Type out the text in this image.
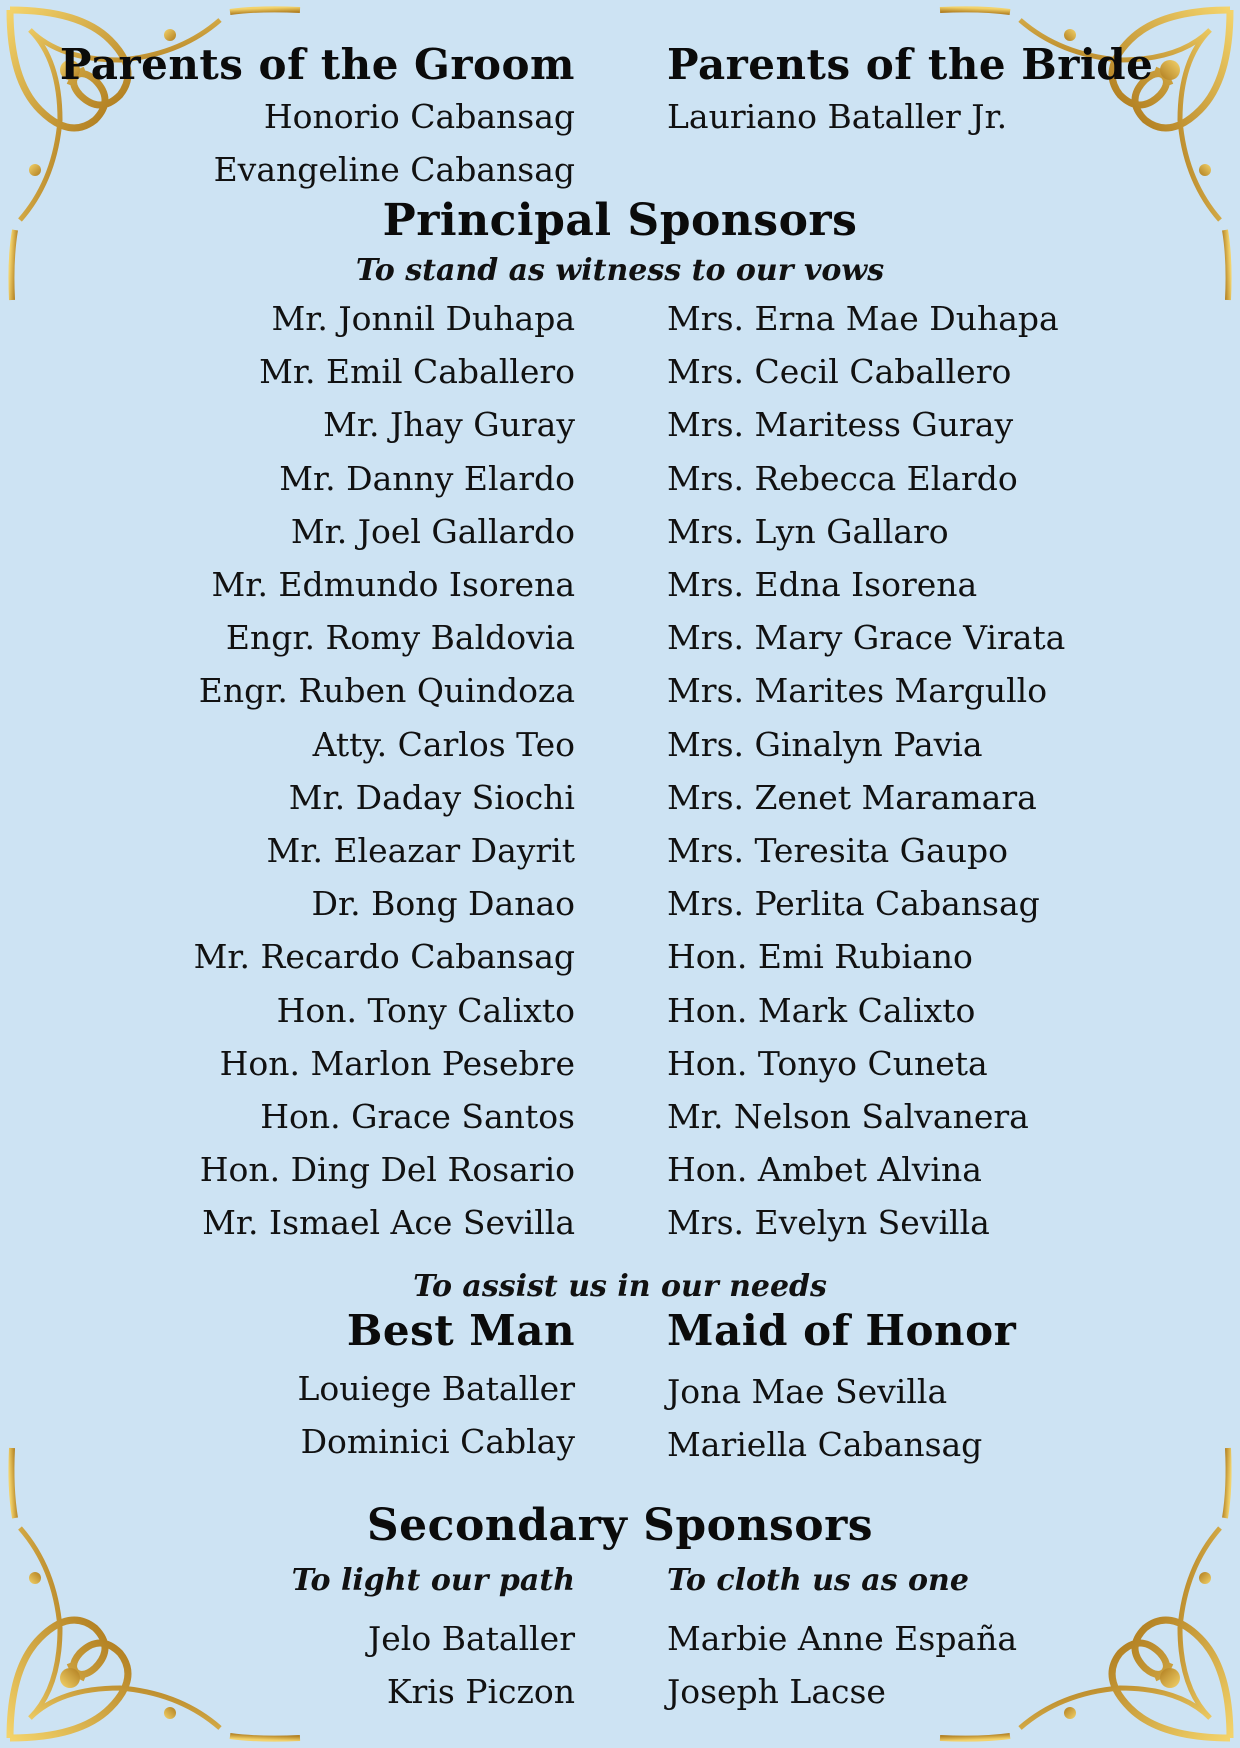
Parents of the Groom Parents of the Bride
Honorio Cabansag
Evangeline Cabansag
Lauriano Bataller Jr.
Principal Sponsors
To stand as witness to our vows
Mr. Jonnil Duhapa
Mr. Emil Caballero
Mr. Jhay Guray
Mr. Danny Elardo
Mr. Joel Gallardo
Mr. Edmundo Isorena
Engr. Romy Baldovia
Engr. Ruben Quindoza
Atty. Carlos Teo
Mr. Daday Siochi
Mr. Eleazar Dayrit
Dr. Bong Danao
Mr. Recardo Cabansag
Hon. Tony Calixto
Hon. Marlon Pesebre
Hon. Grace Santos
Hon. Ding Del Rosario
Mr. Ismael Ace Sevilla
Mrs. Erna Mae Duhapa
Mrs. Cecil Caballero
Mrs. Maritess Guray
Mrs. Rebecca Elardo
Mrs. Lyn Gallaro
Mrs. Edna Isorena
Mrs. Mary Grace Virata
Mrs. Marites Margullo
Mrs. Ginalyn Pavia
Mrs. Zenet Maramara
Mrs. Teresita Gaupo
Mrs. Perlita Cabansag
Hon. Emi Rubiano
Hon. Mark Calixto
Hon. Tonyo Cuneta
Mr. Nelson Salvanera
Hon. Ambet Alvina
Mrs. Evelyn Sevilla
To assist us in our needs
Best Man Maid of Honor
Louiege Bataller
Dominici Cablay
Jona Mae Sevilla
Mariella Cabansag
Secondary Sponsors
To light our path	To cloth us as one
Jelo Bataller
Kris Piczon
Marbie Anne España
Joseph Lacse
